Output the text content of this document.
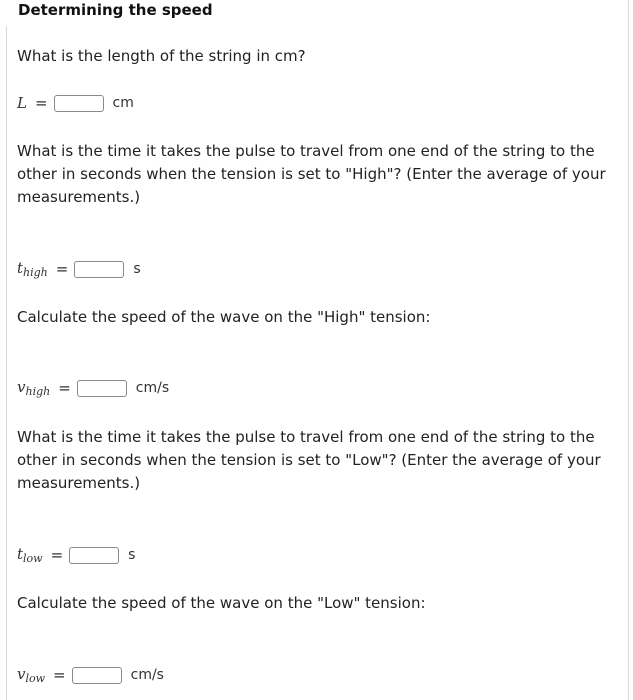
Determining the speed
What is the length of the string in cm?
L =	cm
What is the time it takes the pulse to travel from one end of the string to the other in seconds when the tension is set to "High"? (Enter the average of your measurements.)
$t_{high}$ =	s
Calculate the speed of the wave on the "High" tension:
$v_{high}$ =	cm/s
What is the time it takes the pulse to travel from one end of the string to the other in seconds when the tension is set to "Low"? (Enter the average of your measurements.)
$t_{low}$ =	s
Calculate the speed of the wave on the "Low" tension:
$v_{low}$ =	cm/s
